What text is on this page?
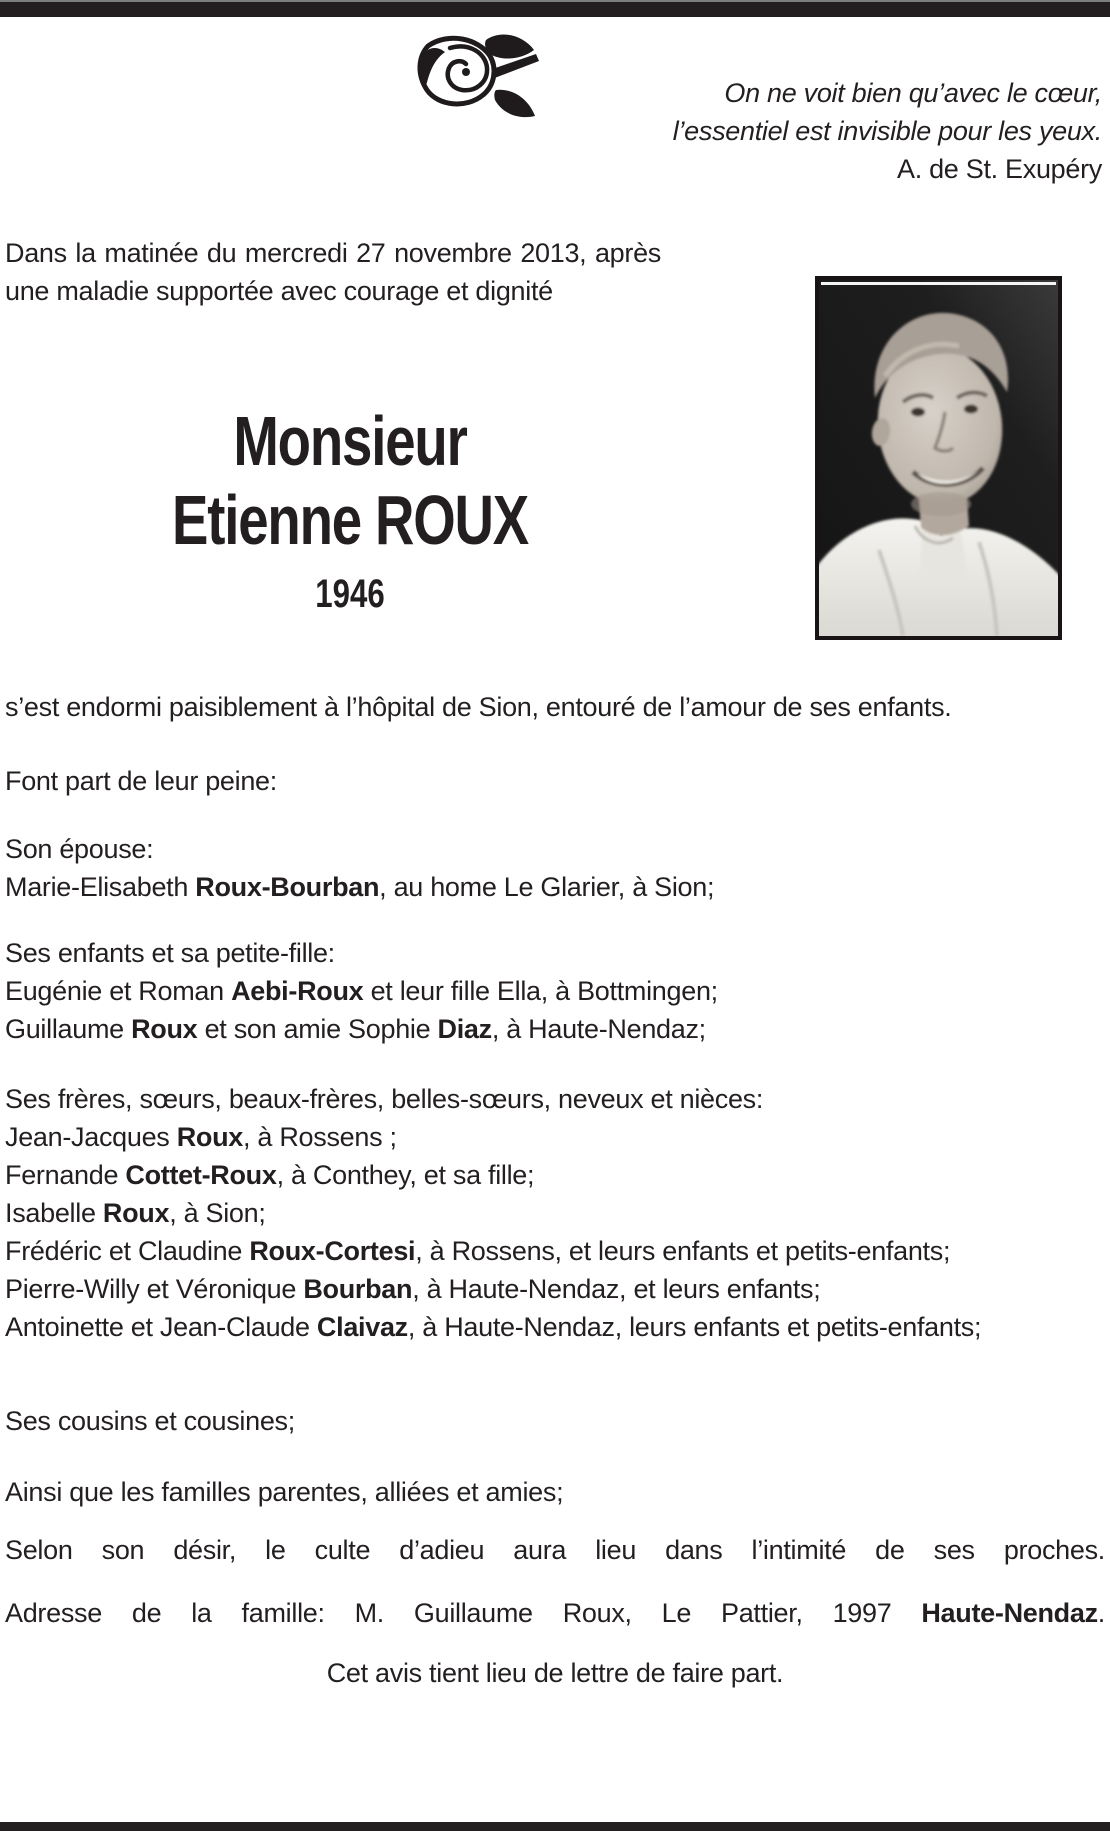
On ne voit bien qu’avec le cœur,
l’essentiel est invisible pour les yeux.
A. de St. Exupéry
Dans la matinée du mercredi 27 novembre 2013, après une maladie supportée avec courage et dignité
Monsieur
Etienne ROUX
1946

s’est endormi paisiblement à l’hôpital de Sion, entouré de l’amour de ses enfants.

Font part de leur peine:

Son épouse:
Marie-Elisabeth Roux-Bourban, au home Le Glarier, à Sion;

Ses enfants et sa petite-fille:
Eugénie et Roman Aebi-Roux et leur fille Ella, à Bottmingen;
Guillaume Roux et son amie Sophie Diaz, à Haute-Nendaz;

Ses frères, sœurs, beaux-frères, belles-sœurs, neveux et nièces:
Jean-Jacques Roux, à Rossens ;
Fernande Cottet-Roux, à Conthey, et sa fille;
Isabelle Roux, à Sion;
Frédéric et Claudine Roux-Cortesi, à Rossens, et leurs enfants et petits-enfants;
Pierre-Willy et Véronique Bourban, à Haute-Nendaz, et leurs enfants;
Antoinette et Jean-Claude Claivaz, à Haute-Nendaz, leurs enfants et petits-enfants;

Ses cousins et cousines;

Ainsi que les familles parentes, alliées et amies;

Selon son désir, le culte d’adieu aura lieu dans l’intimité de ses proches.

Adresse de la famille: M. Guillaume Roux, Le Pattier, 1997 Haute-Nendaz.

Cet avis tient lieu de lettre de faire part.
